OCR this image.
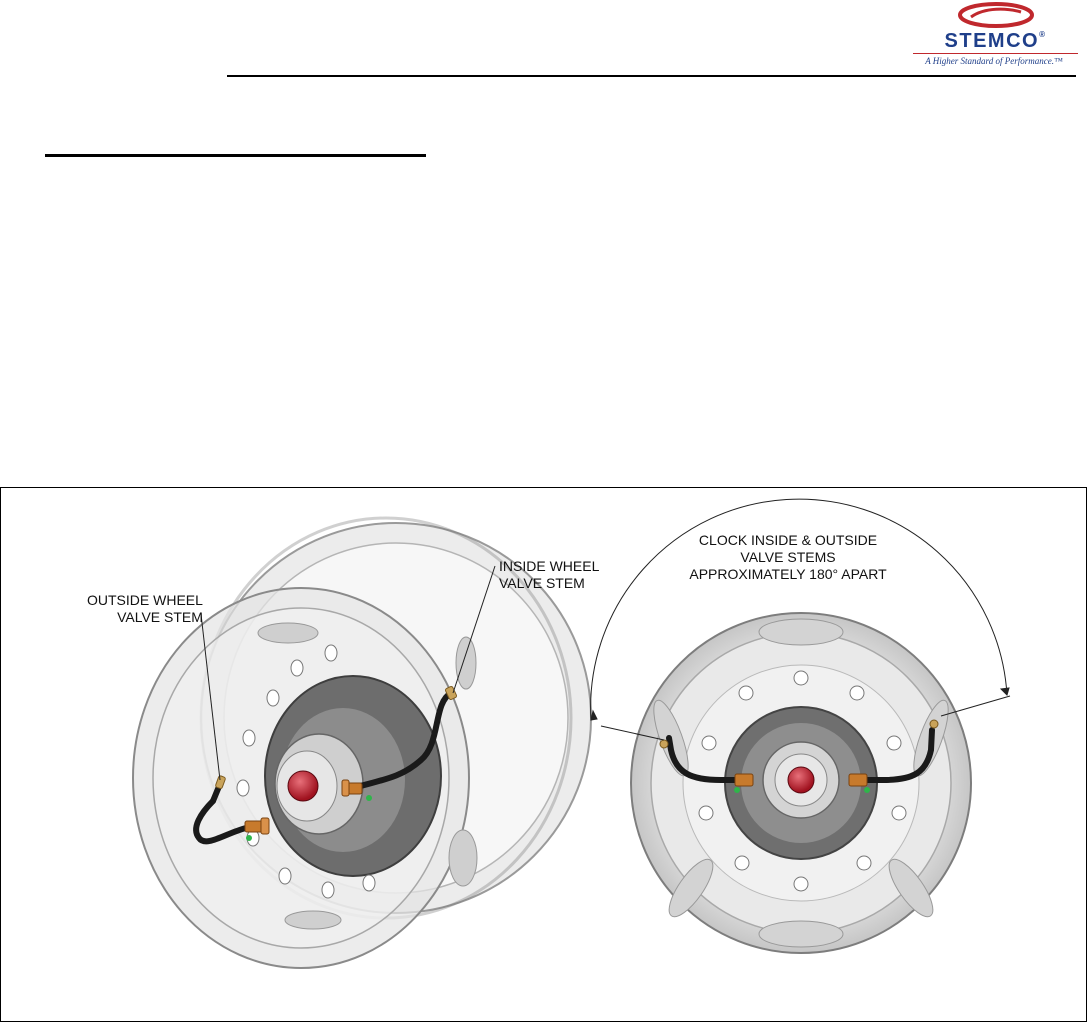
STEMCO®
A Higher Standard of Performance.™
OUTSIDE WHEEL
VALVE STEM
INSIDE WHEEL
VALVE STEM
CLOCK INSIDE & OUTSIDE
VALVE STEMS
APPROXIMATELY 180° APART
